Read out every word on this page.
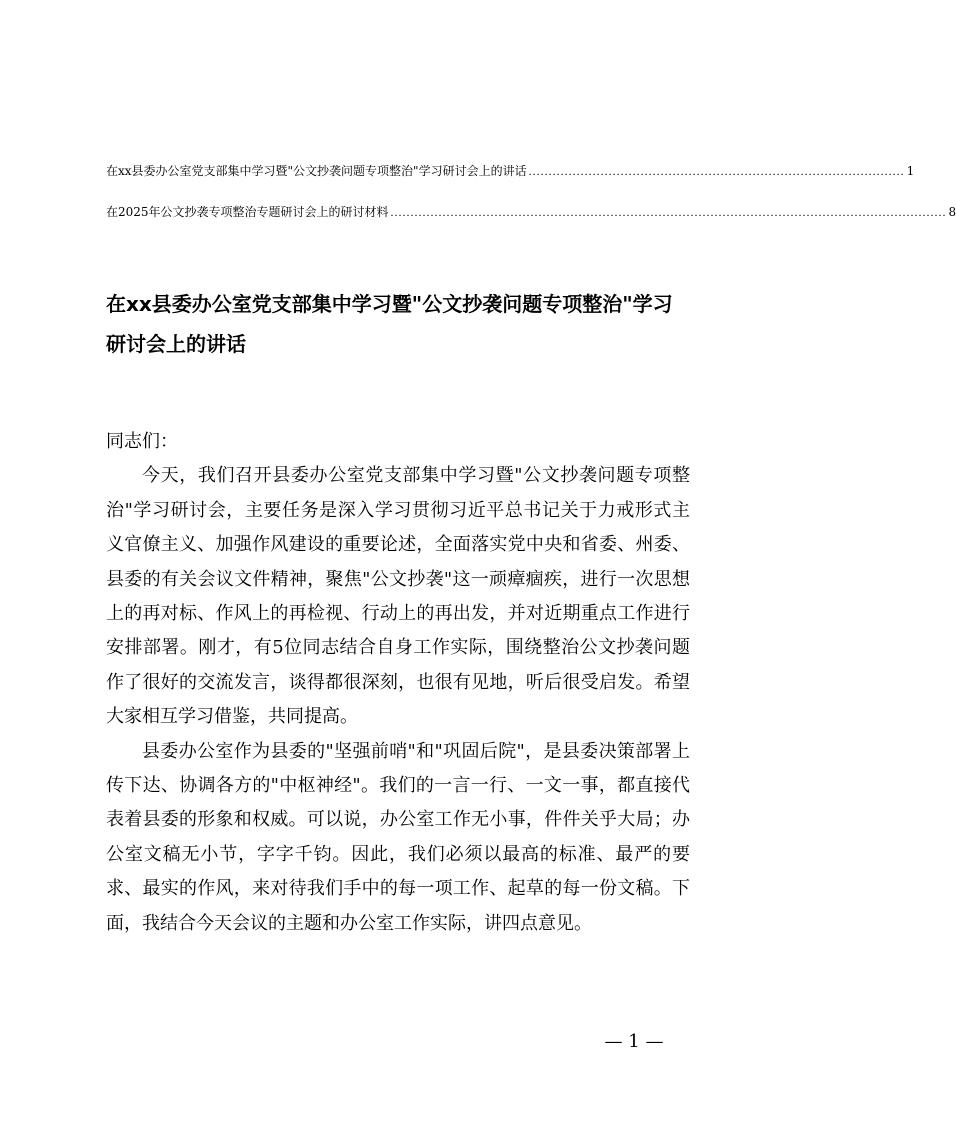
在xx县委办公室党支部集中学习暨"公文抄袭问题专项整治"学习研讨会上的讲话 .............................................................................................. 1
在2025年公文抄袭专项整治专题研讨会上的研讨材料 ........................................................................................................................................... 8
在xx县委办公室党支部集中学习暨"公文抄袭问题专项整治"学习研讨会上的讲话

同志们：

今天，我们召开县委办公室党支部集中学习暨"公文抄袭问题专项整治"学习研讨会，主要任务是深入学习贯彻习近平总书记关于力戒形式主义官僚主义、加强作风建设的重要论述，全面落实党中央和省委、州委、县委的有关会议文件精神，聚焦"公文抄袭"这一顽瘴痼疾，进行一次思想上的再对标、作风上的再检视、行动上的再出发，并对近期重点工作进行安排部署。刚才，有5位同志结合自身工作实际，围绕整治公文抄袭问题作了很好的交流发言，谈得都很深刻，也很有见地，听后很受启发。希望大家相互学习借鉴，共同提高。

县委办公室作为县委的"坚强前哨"和"巩固后院"，是县委决策部署上传下达、协调各方的"中枢神经"。我们的一言一行、一文一事，都直接代表着县委的形象和权威。可以说，办公室工作无小事，件件关乎大局；办公室文稿无小节，字字千钧。因此，我们必须以最高的标准、最严的要求、最实的作风，来对待我们手中的每一项工作、起草的每一份文稿。下面，我结合今天会议的主题和办公室工作实际，讲四点意见。

— 1 —
